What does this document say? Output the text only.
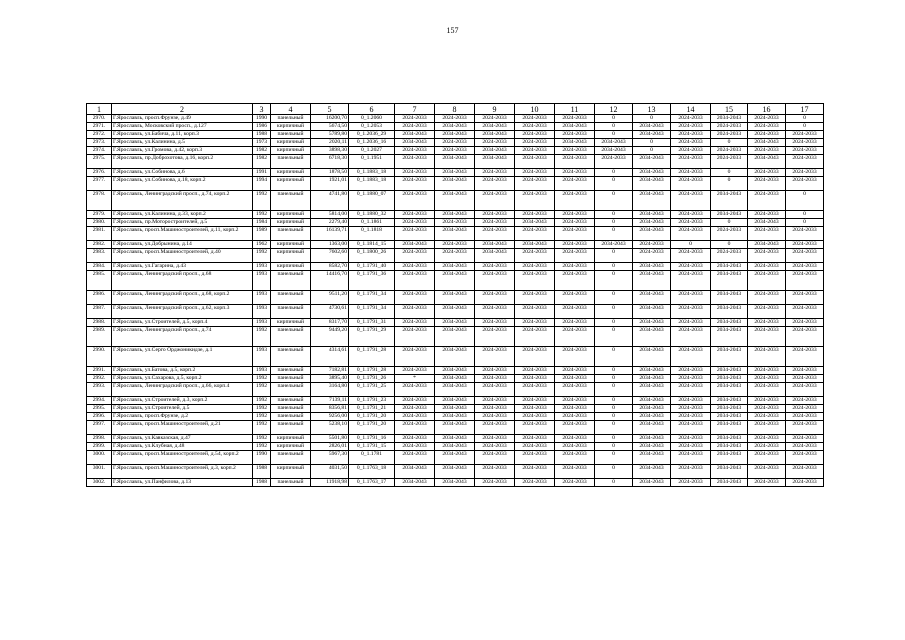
157
1	2	3	4	5	6	7	8	9	10	11	12	13	14	15	16	17
2970.	Г.Ярославль, просп.Фрунзе, д.49	1990	панельный	16200,70	0_1.2060	2024-2033	2024-2033	2024-2033	2024-2033	2024-2033	0	0	2024-2033	2034-2043	2024-2033	0
2971.	Г.Ярославль, Московский просп., д.127	1986	кирпичный	5674,50	0_1.2053	2024-2033	2034-2043	2034-2043	2024-2033	2034-2043	0	2034-2043	2024-2033	2024-2033	2024-2033	0
2972.	Г.Ярославль, ул.Бабича, д.11, корп.3	1988	панельный	5789,80	0_1.2036_29	2034-2043	2034-2043	2034-2043	2024-2033	2024-2033	0	2034-2043	2024-2033	2024-2033	2024-2033	2024-2033
2973.	Г.Ярославль, ул.Калинина, д.5	1973	кирпичный	2020,11	0_1.2036_16	2034-2043	2024-2033	2024-2033	2024-2033	2034-2043	2034-2043	0	2024-2033	0	2034-2043	2024-2033
2974.	Г.Ярославль, ул.Громова, д.42, корп.3	1982	кирпичный	3898,30	0_1.2027	2024-2033	2024-2033	2034-2043	2024-2033	2024-2033	2034-2043	0	2024-2033	2024-2033	2024-2033	2024-2033
2975.	Г.Ярославль, пр.Доброхотова, д.16, корп.2	1982	панельный	6718,30	0_1.1951	2024-2033	2034-2043	2034-2043	2024-2033	2024-2033	2024-2033	2034-2043	2024-2033	2024-2033	2034-2043	2024-2033
2976.	Г.Ярославль, ул.Собинова, д.6	1991	кирпичный	1878,50	0_1.1883_18	2024-2033	2034-2043	2024-2033	2024-2033	2024-2033	0	2034-2043	2024-2033	0	2024-2033	2024-2033
2977.	Г.Ярославль, ул.Собинова, д.18, корп.2	1994	кирпичный	1921,01	0_1.1883_18	2024-2033	2034-2043	2024-2033	2024-2033	2024-2033	0	2034-2043	2024-2033	0	2024-2033	2024-2033
2978.	Г.Ярославль, Ленинградский просп., д.74, корп.2	1992	панельный	4741,80	0_1.1880_07	2024-2033	2034-2043	2024-2033	2024-2033	2024-2033	0	2034-2043	2024-2033	2034-2043	2024-2033	0
2979.	Г.Ярославль, ул.Калинина, д.33, корп.2	1992	кирпичный	5814,00	0_1.1880_32	2024-2033	2034-2043	2024-2033	2024-2033	2024-2033	0	2034-2043	2024-2033	2034-2043	2024-2033	0
2980.	Г.Ярославль, пр.Моторостроителей, д.5	1984	кирпичный	2279,40	0_1.1861	2024-2033	2024-2033	2024-2033	2034-2043	2024-2033	0	2034-2043	2024-2033	0	2034-2043	0
2981.	Г.Ярославль, просп.Машиностроителей, д.11, корп.2	1989	панельный	16139,71	0_1.1818	2024-2033	2034-2043	2024-2033	2024-2033	2024-2033	0	2034-2043	2024-2033	2024-2033	2024-2033	2024-2033
2982.	Г.Ярославль, ул.Добрынина, д.14	1962	кирпичный	1363,00	0_1.1814_15	2034-2043	2024-2033	2034-2043	2034-2043	2024-2033	2034-2043	2024-2033	0	0	2034-2043	2024-2033
2983.	Г.Ярославль, просп.Машиностроителей, д.40	1992	кирпичный	7602,60	0_1.1800_26	2024-2033	2024-2033	2034-2043	2024-2033	2024-2033	0	2024-2033	2024-2033	2024-2033	2024-2033	2024-2033
2984.	Г.Ярославль, ул.Гагарина, д.43	1993	кирпичный	8582,70	0_1.1791_40	2024-2033	2034-2043	2024-2033	2024-2033	2024-2033	0	2034-2043	2024-2033	2034-2043	2024-2033	2024-2033
2985.	Г.Ярославль, Ленинградский просп., д.68	1993	панельный	14416,70	0_1.1791_36	2024-2033	2034-2043	2024-2033	2024-2033	2024-2033	0	2034-2043	2024-2033	2034-2043	2024-2033	2024-2033
2986.	Г.Ярославль, Ленинградский просп., д.68, корп.2	1993	панельный	9511,20	0_1.1791_34	2024-2033	2034-2043	2024-2033	2024-2033	2024-2033	0	2034-2043	2024-2033	2034-2043	2024-2033	2024-2033
2987.	Г.Ярославль, Ленинградский просп., д.62, корп.3	1993	панельный	4730,61	0_1.1791_34	2024-2033	2034-2043	2024-2033	2024-2033	2024-2033	0	2034-2043	2024-2033	2034-2043	2024-2033	2024-2033
2988.	Г.Ярославль, ул.Строителей, д.5, корп.4	1993	кирпичный	8317,70	0_1.1791_31	2024-2033	2034-2043	2024-2033	2024-2033	2024-2033	0	2034-2043	2024-2033	2034-2043	2024-2033	2024-2033
2989.	Г.Ярославль, Ленинградский просп., д.74	1992	панельный	9449,20	0_1.1791_29	2024-2033	2034-2043	2024-2033	2024-2033	2024-2033	0	2034-2043	2024-2033	2034-2043	2024-2033	2024-2033
2990.	Г.Ярославль, ул.Серго Орджоникидзе, д.1	1993	панельный	4314,61	0_1.1791_28	2024-2033	2034-2043	2024-2033	2024-2033	2024-2033	0	2034-2043	2024-2033	2034-2043	2024-2033	2024-2033
2991.	Г.Ярославль, ул.Батова, д.5, корп.2	1993	панельный	7182,81	0_1.1791_28	2024-2033	2034-2043	2024-2033	2024-2033	2024-2033	0	2034-2043	2024-2033	2034-2043	2024-2033	2024-2033
2992.	Г.Ярославль, ул.Сахарова, д.5, корп.2	1992	панельный	3895,40	0_1.1791_26	*	2034-2043	2024-2033	2024-2033	2024-2033	0	2034-2043	2024-2033	2034-2043	2024-2033	2024-2033
2993.	Г.Ярославль, Ленинградский просп., д.66, корп.4	1992	панельный	3164,80	0_1.1791_25	2024-2033	2034-2043	2024-2033	2024-2033	2024-2033	0	2034-2043	2024-2033	2034-2043	2024-2033	2024-2033
2994.	Г.Ярославль, ул.Строителей, д.3, корп.2	1992	панельный	7139,11	0_1.1791_23	2024-2033	2034-2043	2024-2033	2024-2033	2024-2033	0	2034-2043	2024-2033	2034-2043	2024-2033	2024-2033
2995.	Г.Ярославль, ул.Строителей, д.5	1992	панельный	8356,81	0_1.1791_21	2024-2033	2034-2043	2024-2033	2024-2033	2024-2033	0	2034-2043	2024-2033	2034-2043	2024-2033	2024-2033
2996.	Г.Ярославль, просп.Фрунзе, д.2	1992	панельный	9256,00	0_1.1791_20	2024-2033	2034-2043	2024-2033	2024-2033	2024-2033	0	2034-2043	2024-2033	2034-2043	2024-2033	2024-2033
2997.	Г.Ярославль, просп.Машиностроителей, д.21	1992	панельный	5238,10	0_1.1791_20	2024-2033	2034-2043	2024-2033	2024-2033	2024-2033	0	2034-2043	2024-2033	2034-2043	2024-2033	2024-2033
2998.	Г.Ярославль, ул.Кавказская, д.47	1992	кирпичный	5501,80	0_1.1791_16	2024-2033	2034-2043	2024-2033	2024-2033	2024-2033	0	2034-2043	2024-2033	2034-2043	2024-2033	2024-2033
2999.	Г.Ярославль, ул.Клубная, д.48	1992	кирпичный	2826,01	0_1.1791_15	2024-2033	2034-2043	2024-2033	2024-2033	2024-2033	0	2034-2043	2024-2033	2034-2043	2024-2033	2024-2033
3000.	Г.Ярославль, просп.Машиностроителей, д.54, корп.2	1990	панельный	5967,30	0_1.1781	2024-2033	2034-2043	2024-2033	2024-2033	2024-2033	0	2034-2043	2024-2033	2034-2043	2024-2033	2024-2033
3001.	Г.Ярославль, просп.Машиностроителей, д.3, корп.2	1988	кирпичный	4031,50	0_1.1763_18	2034-2043	2034-2043	2024-2033	2024-2033	2024-2033	0	2034-2043	2024-2033	2034-2043	2024-2033	2024-2033
3002.	Г.Ярославль, ул.Панфилова, д.13	1988	панельный	11918,98	0_1.1763_17	2034-2043	2034-2043	2024-2033	2024-2033	2024-2033	0	2034-2043	2024-2033	2034-2043	2024-2033	2024-2033
